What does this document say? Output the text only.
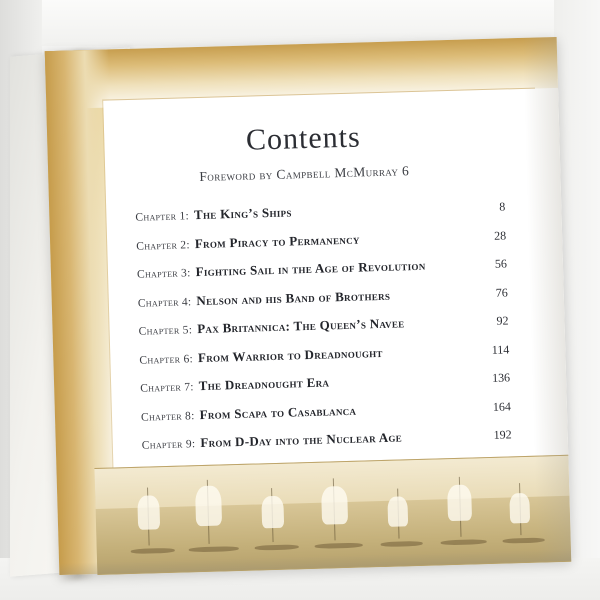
Contents
Foreword by Campbell McMurray 6
Chapter 1: The King’s Ships	8
Chapter 2: From Piracy to Permanency	28
Chapter 3: Fighting Sail in the Age of Revolution	56
Chapter 4: Nelson and his Band of Brothers	76
Chapter 5: Pax Britannica: The Queen’s Navee	92
Chapter 6: From Warrior to Dreadnought	114
Chapter 7: The Dreadnought Era	136
Chapter 8: From Scapa to Casablanca	164
Chapter 9: From D-Day into the Nuclear Age	192
